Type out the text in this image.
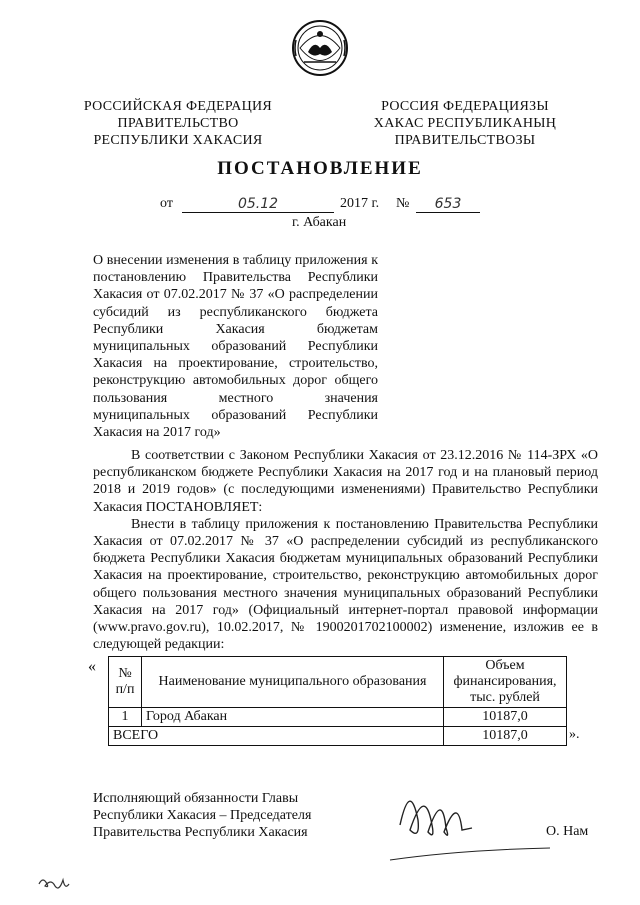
РОССИЙСКАЯ ФЕДЕРАЦИЯ
ПРАВИТЕЛЬСТВО
РЕСПУБЛИКИ ХАКАСИЯ
РОССИЯ ФЕДЕРАЦИЯЗЫ
ХАКАС РЕСПУБЛИКАНЫҢ
ПРАВИТЕЛЬСТВОЗЫ
ПОСТАНОВЛЕНИЕ
от	05.12	2017 г. №	653
г. Абакан
О внесении изменения в таблицу приложения к постановлению Правительства Республики Хакасия от 07.02.2017 № 37 «О распределении субсидий из республиканского бюджета Республики Хакасия бюджетам муниципальных образований Республики Хакасия на проектирование, строительство, реконструкцию автомобильных дорог общего пользования местного значения муниципальных образований Республики Хакасия на 2017 год»

В соответствии с Законом Республики Хакасия от 23.12.2016 № 114-ЗРХ «О республиканском бюджете Республики Хакасия на 2017 год и на плановый период 2018 и 2019 годов» (с последующими изменениями) Правительство Республики Хакасия ПОСТАНОВЛЯЕТ:

Внести в таблицу приложения к постановлению Правительства Республики Хакасия от 07.02.2017 № 37 «О распределении субсидий из республиканского бюджета Республики Хакасия бюджетам муниципальных образований Республики Хакасия на проектирование, строительство, реконструкцию автомобильных дорог общего пользования местного значения муниципальных образований Республики Хакасия на 2017 год» (Официальный интернет-портал правовой информации (www.pravo.gov.ru), 10.02.2017, № 1900201702100002) изменение, изложив ее в следующей редакции:

« № п/п	Наименование муниципального образования	Объем финансирования, тыс. рублей
1	Город Абакан	10187,0
ВСЕГО		10187,0	».
Исполняющий обязанности Главы
Республики Хакасия – Председателя
Правительства Республики Хакасия	О. Нам
